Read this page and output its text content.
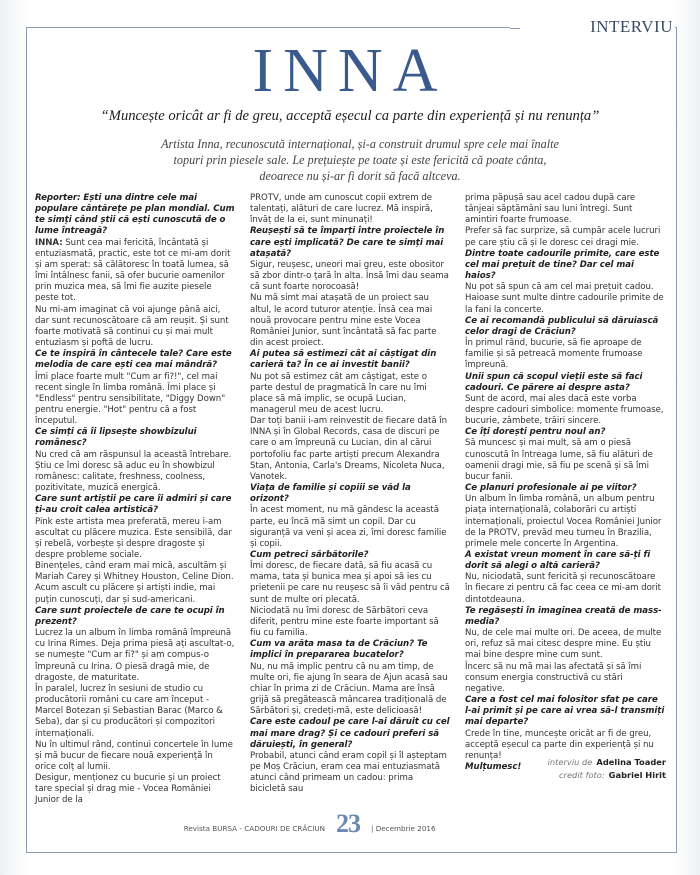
INTERVIU
INNA
“Muncește oricât ar fi de greu, acceptă eșecul ca parte din experiență și nu renunța”
Artista Inna, recunoscută internațional, și-a construit drumul spre cele mai înalte topuri prin piesele sale. Le prețuiește pe toate și este fericită că poate cânta, deoarece nu și-ar fi dorit să facă altceva.

Reporter: Ești una dintre cele mai populare cântărețe pe plan mondial. Cum te simți când știi că ești cunoscută de o lume întreagă?

INNA: Sunt cea mai fericită, încântată și entuziasmată, practic, este tot ce mi-am dorit și am sperat: să călătoresc în toată lumea, să îmi întâlnesc fanii, să ofer bucurie oamenilor prin muzica mea, să îmi fie auzite piesele peste tot.

Nu mi-am imaginat că voi ajunge până aici, dar sunt recunoscătoare că am reușit. Și sunt foarte motivată să continui cu și mai mult entuziasm și poftă de lucru.

Ce te inspiră în cântecele tale? Care este melodia de care ești cea mai mândră?

Îmi place foarte mult "Cum ar fi?!", cel mai recent single în limba română. Îmi place și "Endless" pentru sensibilitate, "Diggy Down" pentru energie. "Hot" pentru că a fost începutul.

Ce simți că îi lipsește showbizului românesc?

Nu cred că am răspunsul la această întrebare. Știu ce îmi doresc să aduc eu în showbizul românesc: calitate, freshness, coolness, pozitivitate, muzică energică.

Care sunt artiștii pe care îi admiri și care ți-au croit calea artistică?

Pink este artista mea preferată, mereu i-am ascultat cu plăcere muzica. Este sensibilă, dar și rebelă, vorbește și despre dragoste și despre probleme sociale.

Binențeles, când eram mai mică, ascultăm și Mariah Carey și Whitney Houston, Celine Dion. Acum ascult cu plăcere și artiști indie, mai puțin cunoscuți, dar și sud-americani.

Care sunt proiectele de care te ocupi în prezent?

Lucrez la un album în limba română împreună cu Irina Rimes. Deja prima piesă ați ascultat-o, se numește "Cum ar fi?" și am compus-o împreună cu Irina. O piesă dragă mie, de dragoste, de maturitate.

În paralel, lucrez în sesiuni de studio cu producătorii români cu care am început - Marcel Botezan și Sebastian Barac (Marco & Seba), dar și cu producători și compozitori internaționali.

Nu în ultimul rând, continui concertele în lume și mă bucur de fiecare nouă experiență în orice colț al lumii.

Desigur, menționez cu bucurie și un proiect tare special și drag mie - Vocea României Junior de la

PROTV, unde am cunoscut copii extrem de talentați, alături de care lucrez. Mă inspiră, învăț de la ei, sunt minunați!

Reușești să te împarți între proiectele în care ești implicată? De care te simți mai atașată?

Sigur, reușesc, uneori mai greu, este obositor să zbor dintr-o țară în alta. Însă îmi dau seama că sunt foarte norocoasă!

Nu mă simt mai atașată de un proiect sau altul, le acord tuturor atenție. Însă cea mai nouă provocare pentru mine este Vocea României Junior, sunt încântată să fac parte din acest proiect.

Ai putea să estimezi cât ai câștigat din carieră ta? În ce ai investit banii?

Nu pot să estimez cât am câștigat, este o parte destul de pragmatică în care nu îmi place să mă implic, se ocupă Lucian, managerul meu de acest lucru.

Dar toți banii i-am reinvestit de fiecare dată în INNA și în Global Records, casa de discuri pe care o am împreună cu Lucian, din al cărui portofoliu fac parte artiști precum Alexandra Stan, Antonia, Carla's Dreams, Nicoleta Nuca, Vanotek.

Viața de familie și copiii se văd la orizont?

În acest moment, nu mă gândesc la această parte, eu încă mă simt un copil. Dar cu siguranță va veni și acea zi, îmi doresc familie și copii.

Cum petreci sărbătorile?

Îmi doresc, de fiecare dată, să fiu acasă cu mama, tata și bunica mea și apoi să ies cu prietenii pe care nu reușesc să îi văd pentru că sunt de multe ori plecată.

Niciodată nu îmi doresc de Sărbători ceva diferit, pentru mine este foarte important să fiu cu familia.

Cum va arăta masa ta de Crăciun? Te implici în prepararea bucatelor?

Nu, nu mă implic pentru că nu am timp, de multe ori, fie ajung în seara de Ajun acasă sau chiar în prima zi de Crăciun. Mama are însă grijă să pregătească mâncarea tradițională de Sărbători și, credeți-mă, este delicioasă!

Care este cadoul pe care l-ai dăruit cu cel mai mare drag? Și ce cadouri preferi să dăruiești, în general?

Probabil, atunci când eram copil și îl așteptam pe Moș Crăciun, eram cea mai entuziasmată atunci când primeam un cadou: prima bicicletă sau

prima păpușă sau acel cadou după care tânjeai săptămâni sau luni întregi. Sunt amintiri foarte frumoase.

Prefer să fac surprize, să cumpăr acele lucruri pe care știu că și le doresc cei dragi mie.

Dintre toate cadourile primite, care este cel mai prețuit de tine? Dar cel mai haios?

Nu pot să spun că am cel mai prețuit cadou. Haioase sunt multe dintre cadourile primite de la fani la concerte.

Ce ai recomandă publicului să dăruiască celor dragi de Crăciun?

În primul rând, bucurie, să fie aproape de familie și să petreacă momente frumoase împreună.

Unii spun că scopul vieții este să faci cadouri. Ce părere ai despre asta?

Sunt de acord, mai ales dacă este vorba despre cadouri simbolice: momente frumoase, bucurie, zâmbete, trăiri sincere.

Ce îți dorești pentru noul an?

Să muncesc și mai mult, să am o piesă cunoscută în întreaga lume, să fiu alături de oamenii dragi mie, să fiu pe scenă și să îmi bucur fanii.

Ce planuri profesionale ai pe viitor?

Un album în limba română, un album pentru piața internațională, colaborări cu artiști internaționali, proiectul Vocea României Junior de la PROTV, prevăd meu turneu în Brazilia, primele mele concerte în Argentina.

A existat vreun moment în care să-ți fi dorit să alegi o altă carieră?

Nu, niciodată, sunt fericită și recunoscătoare în fiecare zi pentru că fac ceea ce mi-am dorit dintotdeauna.

Te regăsești în imaginea creată de mass-media?

Nu, de cele mai multe ori. De aceea, de multe ori, refuz să mai citesc despre mine. Eu știu mai bine despre mine cum sunt.

Încerc să nu mă mai las afectată și să îmi consum energia constructivă cu stări negative.

Care a fost cel mai folositor sfat pe care l-ai primit și pe care ai vrea să-l transmiți mai departe?

Crede în tine, muncește oricât ar fi de greu, acceptă eșecul ca parte din experiență și nu renunța!

Mulțumesc!	interviu de Adelina Toader
credit foto: Gabriel Hirit
Revista BURSA - CADOURI DE CRĂCIUN 23 | Decembrie 2016
